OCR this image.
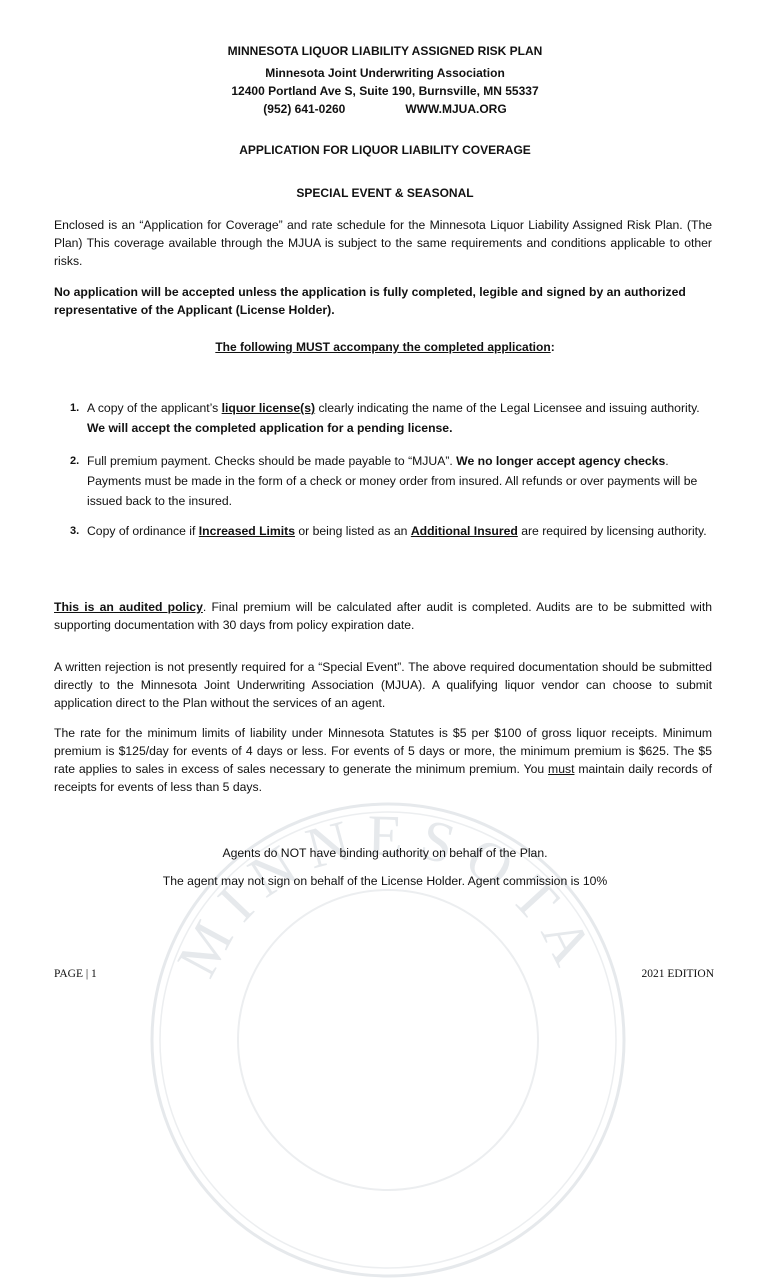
MINNESOTA
MINNESOTA LIQUOR LIABILITY ASSIGNED RISK PLAN
Minnesota Joint Underwriting Association
12400 Portland Ave S, Suite 190, Burnsville, MN 55337
(952) 641-0260	WWW.MJUA.ORG
APPLICATION FOR LIQUOR LIABILITY COVERAGE
SPECIAL EVENT & SEASONAL
Enclosed is an “Application for Coverage” and rate schedule for the Minnesota Liquor Liability Assigned Risk Plan. (The Plan) This coverage available through the MJUA is subject to the same requirements and conditions applicable to other risks.
No application will be accepted unless the application is fully completed, legible and signed by an authorized representative of the Applicant (License Holder).
The following MUST accompany the completed application:
1. A copy of the applicant’s liquor license(s) clearly indicating the name of the Legal Licensee and issuing authority. We will accept the completed application for a pending license.
2. Full premium payment. Checks should be made payable to “MJUA”. We no longer accept agency checks. Payments must be made in the form of a check or money order from insured. All refunds or over payments will be issued back to the insured.
3. Copy of ordinance if Increased Limits or being listed as an Additional Insured are required by licensing authority.
This is an audited policy. Final premium will be calculated after audit is completed. Audits are to be submitted with supporting documentation with 30 days from policy expiration date.
A written rejection is not presently required for a “Special Event”. The above required documentation should be submitted directly to the Minnesota Joint Underwriting Association (MJUA). A qualifying liquor vendor can choose to submit application direct to the Plan without the services of an agent.
The rate for the minimum limits of liability under Minnesota Statutes is $5 per $100 of gross liquor receipts. Minimum premium is $125/day for events of 4 days or less. For events of 5 days or more, the minimum premium is $625. The $5 rate applies to sales in excess of sales necessary to generate the minimum premium. You must maintain daily records of receipts for events of less than 5 days.
Agents do NOT have binding authority on behalf of the Plan.
The agent may not sign on behalf of the License Holder. Agent commission is 10%
PAGE | 1	2021 EDITION
